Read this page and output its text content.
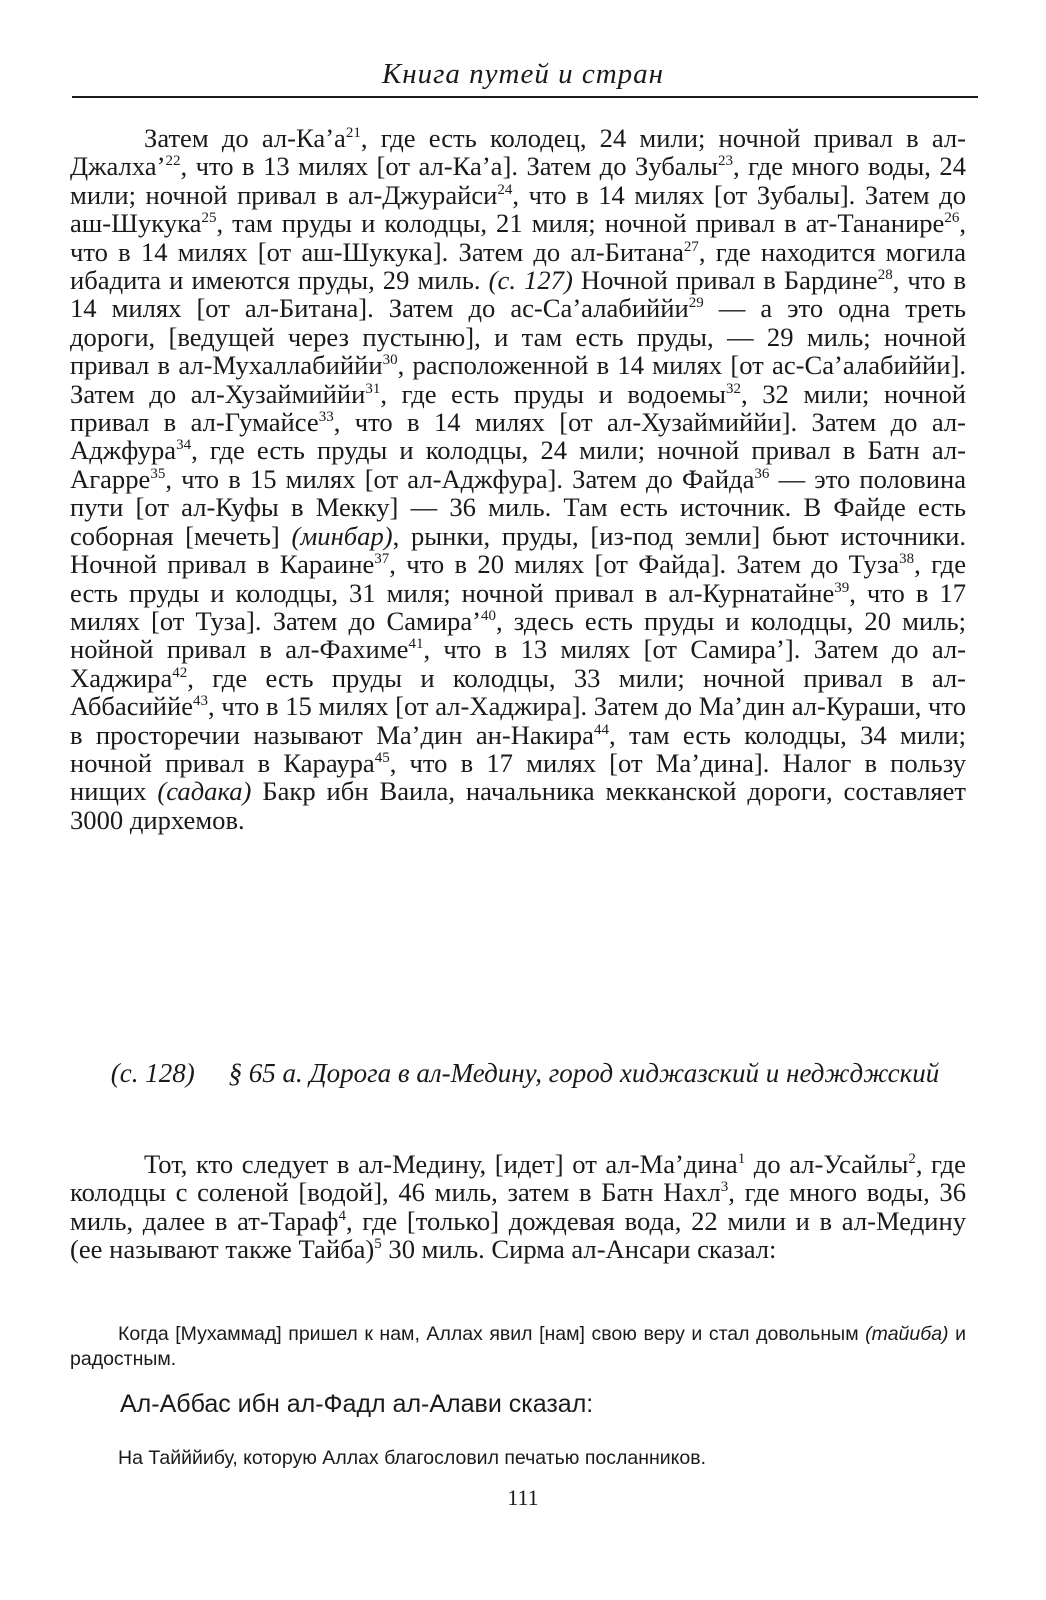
Книга путей и стран
Затем до $ал-Ка’а^{21}$, где есть колодец, 24 мили; ночной привал в ал-Джалха’$^{22}$, что в 13 милях [от ал-Ка’а]. Затем до Зубалы$^{23}$, где много воды, 24 мили; ночной привал в ал-Джурайси$^{24}$, что в 14 милях [от Зубалы]. Затем до аш-Шукука$^{25}$, там пруды и колодцы, 21 миля; ночной привал в ат-Тананире$^{26}$, что в 14 милях [от аш-Шукука]. Затем до ал-Битана$^{27}$, где находится могила ибадита и имеются пруды, 29 миль. (с. 127) Ночной привал в Бардине$^{28}$, что в 14 милях [от ал-Битана]. Затем до ас-Са’алабиййи$^{29}$ — а это одна треть дороги, [ведущей через пустыню], и там есть пруды, — 29 миль; ночной привал в ал-Мухаллабиййи$^{30}$, расположенной в 14 милях [от ас-Са’алабиййи]. Затем до ал-Хузаймиййи$^{31}$, где есть пруды и водоемы$^{32}$, 32 мили; ночной привал в ал-Гумайсе$^{33}$, что в 14 милях [от ал-Хузаймиййи]. Затем до ал-Аджфура$^{34}$, где есть пруды и колодцы, 24 мили; ночной привал в Батн ал-Агарре$^{35}$, что в 15 милях [от ал-Аджфура]. Затем до Файда$^{36}$ — это половина пути [от ал-Куфы в Мекку] — 36 миль. Там есть источник. В Файде есть соборная [мечеть] (минбар), рынки, пруды, [из-под земли] бьют источники. Ночной привал в Караине$^{37}$, что в 20 милях [от Файда]. Затем до Туза$^{38}$, где есть пруды и колодцы, 31 миля; ночной привал в ал-Курнатайне$^{39}$, что в 17 милях [от Туза]. Затем до Самира’$^{40}$, здесь есть пруды и колодцы, 20 миль; нойной привал в ал-Фахиме$^{41}$, что в 13 милях [от Самира’]. Затем до ал-Хаджира$^{42}$, где есть пруды и колодцы, 33 мили; ночной привал в ал-Аббасиййе$^{43}$, что в 15 милях [от ал-Хаджира]. Затем до Ма’дин ал-Кураши, что в просторечии называют Ма’дин ан-Накира$^{44}$, там есть колодцы, 34 мили; ночной привал в Караура$^{45}$, что в 17 милях [от Ма’дина]. Налог в пользу нищих (садака) Бакр ибн Ваила, начальника мекканской дороги, составляет 3000 дирхемов.
(с. 128) § 65 а. Дорога в ал-Медину, город хиджазский и неджджский
Тот, кто следует в ал-Медину, [идет] от ал-Ма’дина$^1$ до ал-Усайлы$^2$, где колодцы с соленой [водой], 46 миль, затем в Батн Нахл$^3$, где много воды, 36 миль, далее в ат-Тараф$^4$, где [только] дождевая вода, 22 мили и в ал-Медину (ее называют также Тайба)$^5$ 30 миль. Сирма ал-Ансари сказал:
Когда [Мухаммад] пришел к нам, Аллах явил [нам] свою веру и стал довольным (тайиба) и радостным.
Ал-Аббас ибн ал-Фадл ал-Алави сказал:
На Тайййибу, которую Аллах благословил печатью посланников.
111
